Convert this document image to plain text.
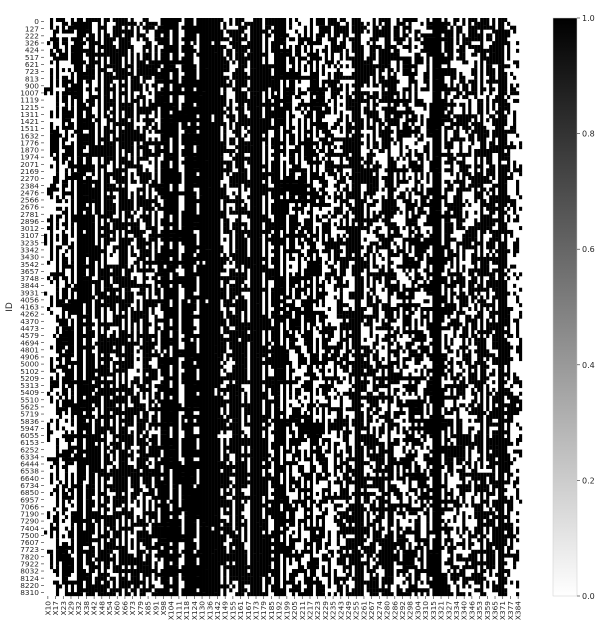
0
127
222
326
424
517
621
723
813
900
1007
1119
1215
1311
1421
1511
1632
1776
1870
1974
2071
2169
2270
2384
2476
2566
2676
2781
2896
3012
3107
3235
3342
3430
3542
3657
3748
3844
3931
4056
4163
4262
4370
4473
4579
4694
4801
4906
5000
5102
5209
5313
5409
5510
5625
5719
5836
5947
6055
6153
6252
6334
6444
6538
6640
6734
6850
6957
7066
7190
7290
7404
7500
7607
7723
7820
7922
8032
8124
8220
8310
X10
X17
X23
X29
X32
X38
X42
X48
X54
X60
X66
X73
X79
X85
X91
X98
X104
X111
X118
X124
X130
X136
X142
X149
X155
X161
X167
X173
X179
X185
X192
X199
X205
X211
X217
X223
X229
X235
X243
X249
X255
X261
X267
X274
X280
X286
X292
X298
X304
X310
X315
X321
X327
X334
X340
X346
X353
X359
X365
X371
X377
X384
ID
0.0
0.2
0.4
0.6
0.8
1.0
